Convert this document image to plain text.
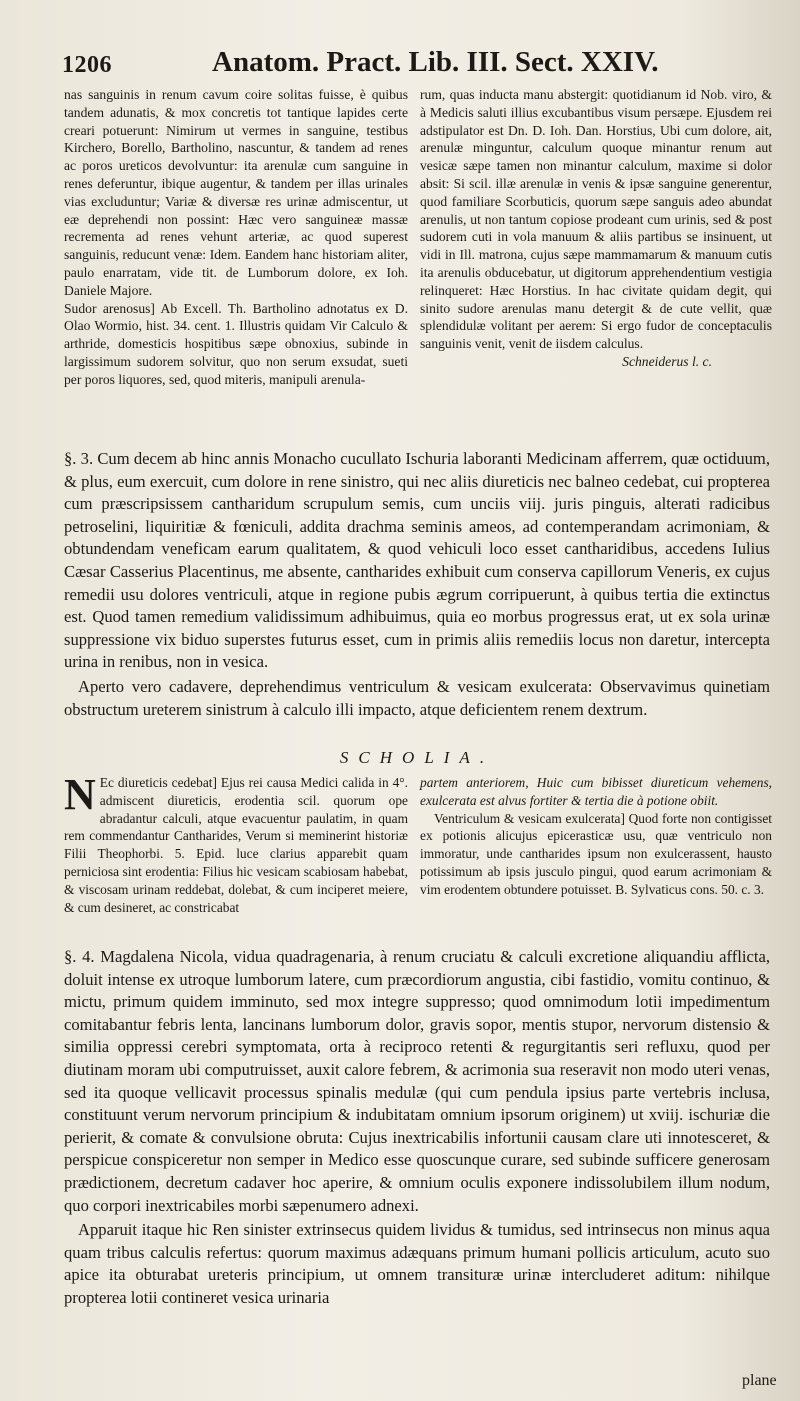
1206	Anatom. Pract. Lib. III. Sect. XXIV.

nas sanguinis in renum cavum coire solitas fuisse, è quibus tandem adunatis, & mox concretis tot tantique lapides certe creari potuerunt: Nimirum ut vermes in sanguine, testibus Kirchero, Borello, Bartholino, nascuntur, & tandem ad renes ac poros ureticos devolvuntur: ita arenulæ cum sanguine in renes deferuntur, ibique augentur, & tandem per illas urinales vias excluduntur; Variæ & diversæ res urinæ admiscentur, ut eæ deprehendi non possint: Hæc vero sanguineæ massæ recrementa ad renes vehunt arteriæ, ac quod superest sanguinis, reducunt venæ: Idem. Eandem hanc historiam aliter, paulo enarratam, vide tit. de Lumborum dolore, ex Ioh. Daniele Majore.

Sudor arenosus] Ab Excell. Th. Bartholino adnotatus ex D. Olao Wormio, hist. 34. cent. 1. Illustris quidam Vir Calculo & arthride, domesticis hospitibus sæpe obnoxius, subinde in largissimum sudorem solvitur, quo non serum exsudat, sueti per poros liquores, sed, quod miteris, manipuli arenula-

rum, quas inducta manu abstergit: quotidianum id Nob. viro, & à Medicis saluti illius excubantibus visum persæpe. Ejusdem rei adstipulator est Dn. D. Ioh. Dan. Horstius, Ubi cum dolore, ait, arenulæ minguntur, calculum quoque minantur renum aut vesicæ sæpe tamen non minantur calculum, maxime si dolor absit: Si scil. illæ arenulæ in venis & ipsæ sanguine generentur, quod familiare Scorbuticis, quorum sæpe sanguis adeo abundat arenulis, ut non tantum copiose prodeant cum urinis, sed & post sudorem cuti in vola manuum & aliis partibus se insinuent, ut vidi in Ill. matrona, cujus sæpe mammamarum & manuum cutis ita arenulis obducebatur, ut digitorum apprehendentium vestigia relinqueret: Hæc Horstius. In hac civitate quidam degit, qui sinito sudore arenulas manu detergit & de cute vellit, quæ splendidulæ volitant per aerem: Si ergo fudor de conceptaculis sanguinis venit, venit de iisdem calculus.

Schneiderus l. c.

§. 3. Cum decem ab hinc annis Monacho cucullato Ischuria laboranti Medicinam afferrem, quæ octiduum, & plus, eum exercuit, cum dolore in rene sinistro, qui nec aliis diureticis nec balneo cedebat, cui propterea cum præscripsissem cantharidum scrupulum semis, cum unciis viij. juris pinguis, alterati radicibus petroselini, liquiritiæ & fœniculi, addita drachma seminis ameos, ad contemperandam acrimoniam, & obtundendam veneficam earum qualitatem, & quod vehiculi loco esset cantharidibus, accedens Iulius Cæsar Casserius Placentinus, me absente, cantharides exhibuit cum conserva capillorum Veneris, ex cujus remedii usu dolores ventriculi, atque in regione pubis ægrum corripuerunt, à quibus tertia die extinctus est. Quod tamen remedium validissimum adhibuimus, quia eo morbus progressus erat, ut ex sola urinæ suppressione vix biduo superstes futurus esset, cum in primis aliis remediis locus non daretur, intercepta urina in renibus, non in vesica.

Aperto vero cadavere, deprehendimus ventriculum & vesicam exulcerata: Observavimus quinetiam obstructum ureterem sinistrum à calculo illi impacto, atque deficientem renem dextrum.

SCHOLIA.

N Ec diureticis cedebat] Ejus rei causa Medici calida in 4°. admiscent diureticis, erodentia scil. quorum ope abradantur calculi, atque evacuentur paulatim, in quam rem commendantur Cantharides, Verum si meminerint historiæ Filii Theophorbi. 5. Epid. luce clarius apparebit quam perniciosa sint erodentia: Filius hic vesicam scabiosam habebat, & viscosam urinam reddebat, dolebat, & cum inciperet meiere, & cum desineret, ac constricabat

partem anteriorem, Huic cum bibisset diureticum vehemens, exulcerata est alvus fortiter & tertia die à potione obiit.

Ventriculum & vesicam exulcerata] Quod forte non contigisset ex potionis alicujus epicerasticæ usu, quæ ventriculo non immoratur, unde cantharides ipsum non exulcerassent, hausto potissimum ab ipsis jusculo pingui, quod earum acrimoniam & vim erodentem obtundere potuisset. B. Sylvaticus cons. 50. c. 3.

§. 4. Magdalena Nicola, vidua quadragenaria, à renum cruciatu & calculi excretione aliquandiu afflicta, doluit intense ex utroque lumborum latere, cum præcordiorum angustia, cibi fastidio, vomitu continuo, & mictu, primum quidem imminuto, sed mox integre suppresso; quod omnimodum lotii impedimentum comitabantur febris lenta, lancinans lumborum dolor, gravis sopor, mentis stupor, nervorum distensio & similia oppressi cerebri symptomata, orta à reciproco retenti & regurgitantis seri refluxu, quod per diutinam moram ubi computruisset, auxit calore febrem, & acrimonia sua reseravit non modo uteri venas, sed ita quoque vellicavit processus spinalis medulæ (qui cum pendula ipsius parte vertebris inclusa, constituunt verum nervorum principium & indubitatam omnium ipsorum originem) ut xviij. ischuriæ die perierit, & comate & convulsione obruta: Cujus inextricabilis infortunii causam clare uti innotesceret, & perspicue conspiceretur non semper in Medico esse quoscunque curare, sed subinde sufficere generosam prædictionem, decretum cadaver hoc aperire, & omnium oculis exponere indissolubilem illum nodum, quo corpori inextricabiles morbi sæpenumero adnexi.

Apparuit itaque hic Ren sinister extrinsecus quidem lividus & tumidus, sed intrinsecus non minus aqua quam tribus calculis refertus: quorum maximus adæquans primum humani pollicis articulum, acuto suo apice ita obturabat ureteris principium, ut omnem transituræ urinæ intercluderet aditum: nihilque propterea lotii contineret vesica urinaria

plane
